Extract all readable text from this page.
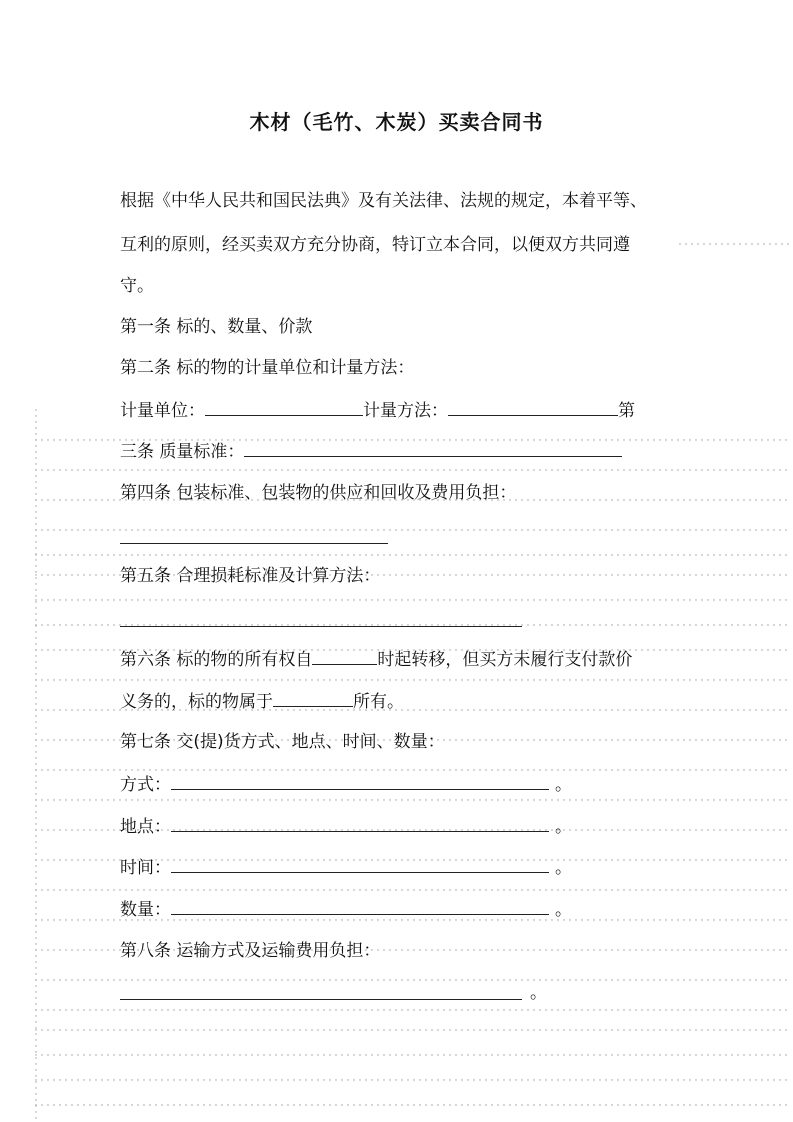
木材（毛竹、木炭）买卖合同书
根据《中华人民共和国民法典》及有关法律、法规的规定，本着平等、
互利的原则，经买卖双方充分协商，特订立本合同，以便双方共同遵
守。
第一条 标的、数量、价款
第二条 标的物的计量单位和计量方法：
计量单位：	计量方法：	第
三条 质量标准：
第四条 包装标准、包装物的供应和回收及费用负担：
第五条 合理损耗标准及计算方法：
第六条 标的物的所有权自	时起转移，但买方未履行支付款价
义务的，标的物属于	所有。
第七条 交(提)货方式、地点、时间、数量：
方式：	。
地点：	。
时间：	。
数量：	。
第八条 运输方式及运输费用负担：
。
